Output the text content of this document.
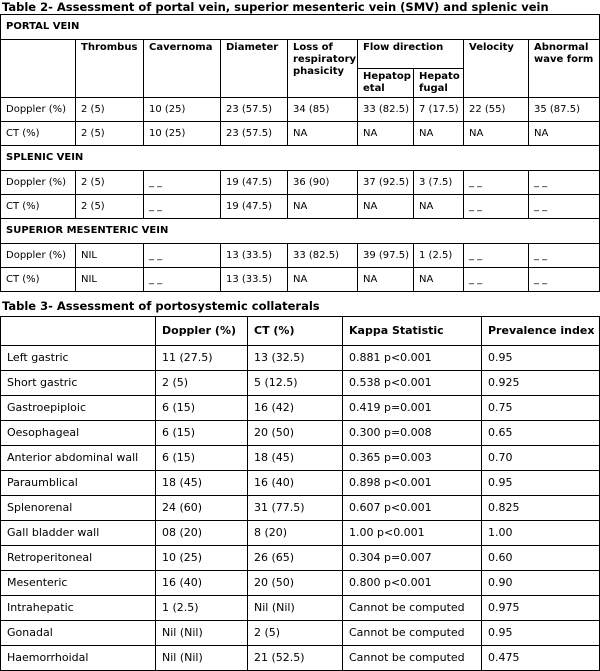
Table 2- Assessment of portal vein, superior mesenteric vein (SMV) and splenic vein
PORTAL VEIN								
	Thrombus	Cavernoma	Diameter	Loss of respiratory phasicity	Flow direction		Velocity	Abnormal wave form
					Hepatop etal	Hepato fugal		
Doppler (%)	2 (5)	10 (25)	23 (57.5)	34 (85)	33 (82.5)	7 (17.5)	22 (55)	35 (87.5)
CT (%)	2 (5)	10 (25)	23 (57.5)	NA	NA	NA	NA	NA
SPLENIC VEIN								
Doppler (%)	2 (5)	_ _	19 (47.5)	36 (90)	37 (92.5)	3 (7.5)	_ _	_ _
CT (%)	2 (5)	_ _	19 (47.5)	NA	NA	NA	_ _	_ _
SUPERIOR MESENTERIC VEIN								
Doppler (%)	NIL	_ _	13 (33.5)	33 (82.5)	39 (97.5)	1 (2.5)	_ _	_ _
CT (%)	NIL	_ _	13 (33.5)	NA	NA	NA	_ _	_ _
Table 3- Assessment of portosystemic collaterals
	Doppler (%)	CT (%)	Kappa Statistic	Prevalence index
Left gastric	11 (27.5)	13 (32.5)	0.881 p<0.001	0.95
Short gastric	2 (5)	5 (12.5)	0.538 p<0.001	0.925
Gastroepiploic	6 (15)	16 (42)	0.419 p=0.001	0.75
Oesophageal	6 (15)	20 (50)	0.300 p=0.008	0.65
Anterior abdominal wall	6 (15)	18 (45)	0.365 p=0.003	0.70
Paraumblical	18 (45)	16 (40)	0.898 p<0.001	0.95
Splenorenal	24 (60)	31 (77.5)	0.607 p<0.001	0.825
Gall bladder wall	08 (20)	8 (20)	1.00 p<0.001	1.00
Retroperitoneal	10 (25)	26 (65)	0.304 p=0.007	0.60
Mesenteric	16 (40)	20 (50)	0.800 p<0.001	0.90
Intrahepatic	1 (2.5)	Nil (Nil)	Cannot be computed	0.975
Gonadal	Nil (Nil)	2 (5)	Cannot be computed	0.95
Haemorrhoidal	Nil (Nil)	21 (52.5)	Cannot be computed	0.475
